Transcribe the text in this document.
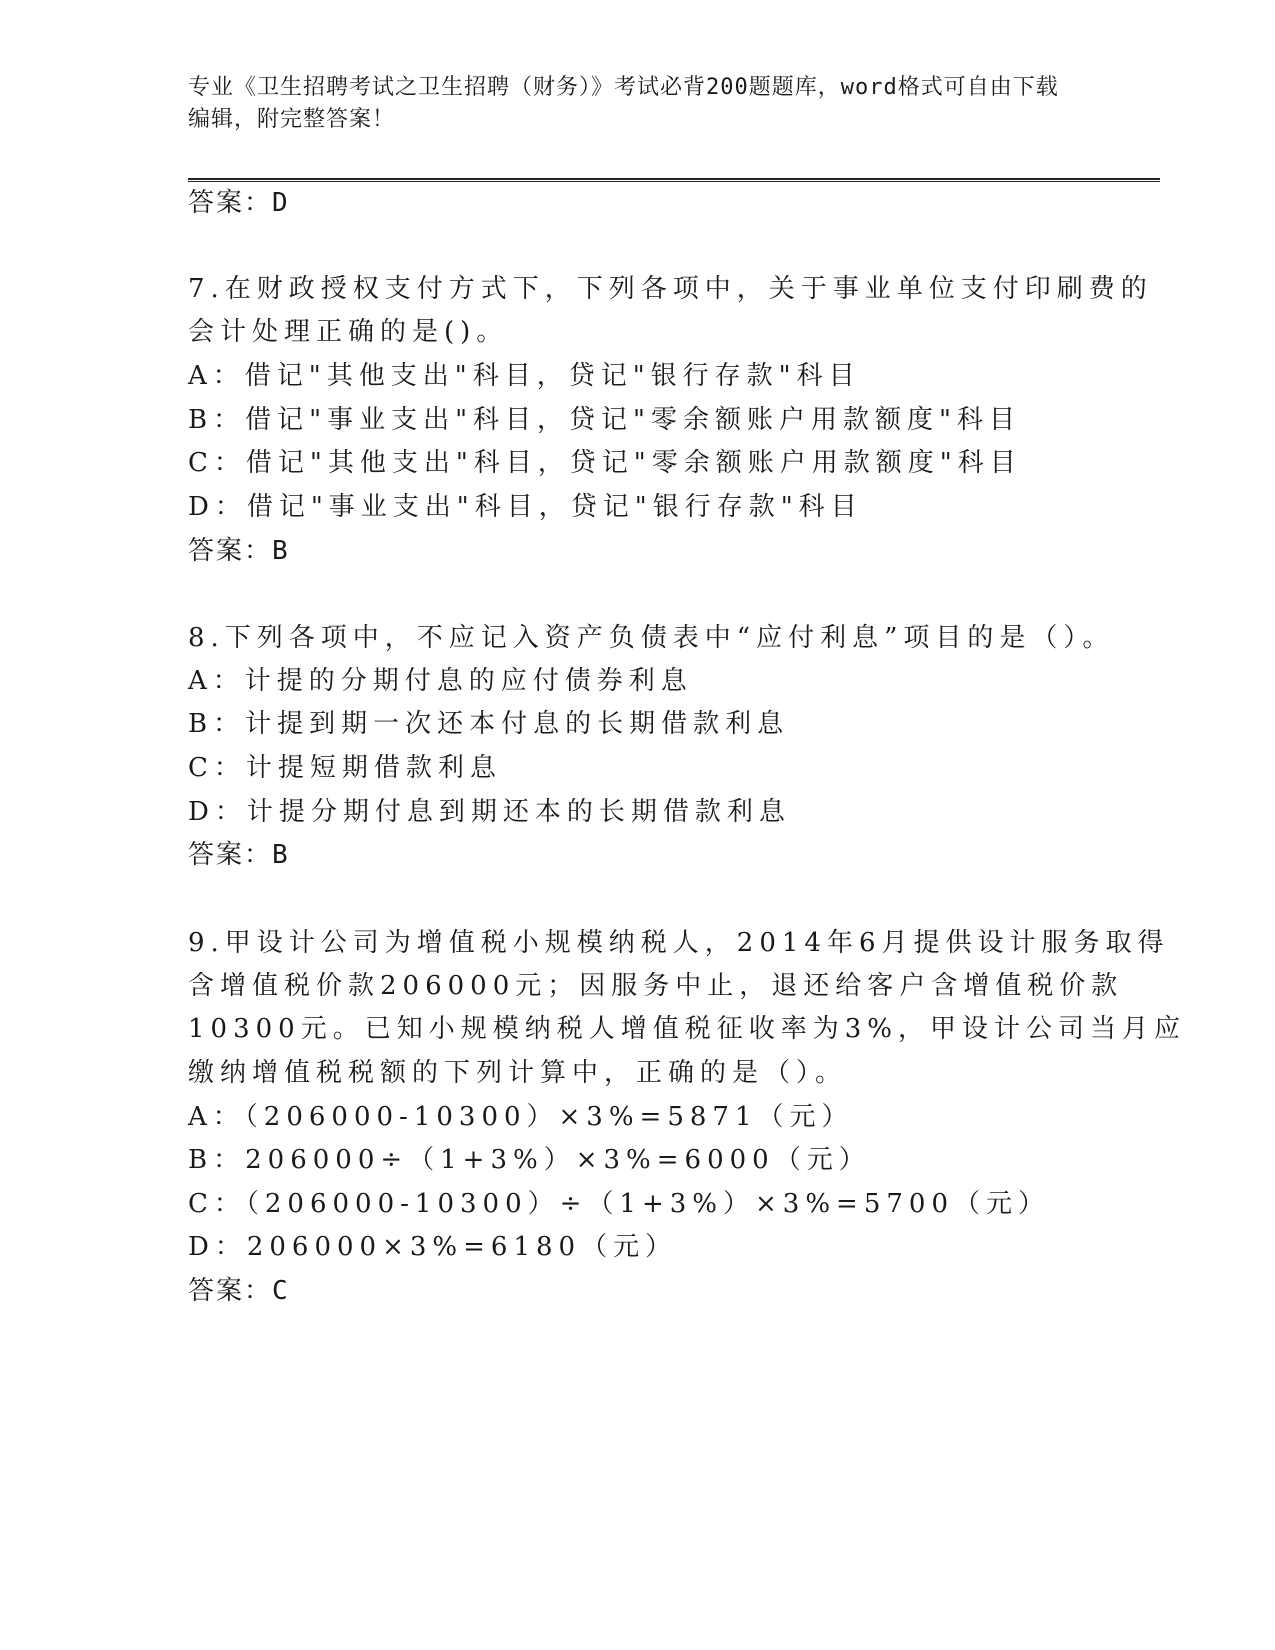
专业《卫生招聘考试之卫生招聘（财务）》考试必背200题题库，word格式可自由下载编辑，附完整答案！
答案：D
7.在财政授权支付方式下，下列各项中，关于事业单位支付印刷费的
会计处理正确的是()。
A：借记"其他支出"科目，贷记"银行存款"科目
B：借记"事业支出"科目，贷记"零余额账户用款额度"科目
C：借记"其他支出"科目，贷记"零余额账户用款额度"科目
D：借记"事业支出"科目，贷记"银行存款"科目
答案：B
8.下列各项中，不应记入资产负债表中“应付利息”项目的是（）。
A：计提的分期付息的应付债券利息
B：计提到期一次还本付息的长期借款利息
C：计提短期借款利息
D：计提分期付息到期还本的长期借款利息
答案：B
9.甲设计公司为增值税小规模纳税人，2014年6月提供设计服务取得
含增值税价款206000元；因服务中止，退还给客户含增值税价款
10300元。已知小规模纳税人增值税征收率为3%，甲设计公司当月应
缴纳增值税税额的下列计算中，正确的是（）。
A：（206000-10300）×3%=5871（元）
B：206000÷（1+3%）×3%=6000（元）
C：（206000-10300）÷（1+3%）×3%=5700（元）
D：206000×3%=6180（元）
答案：C
